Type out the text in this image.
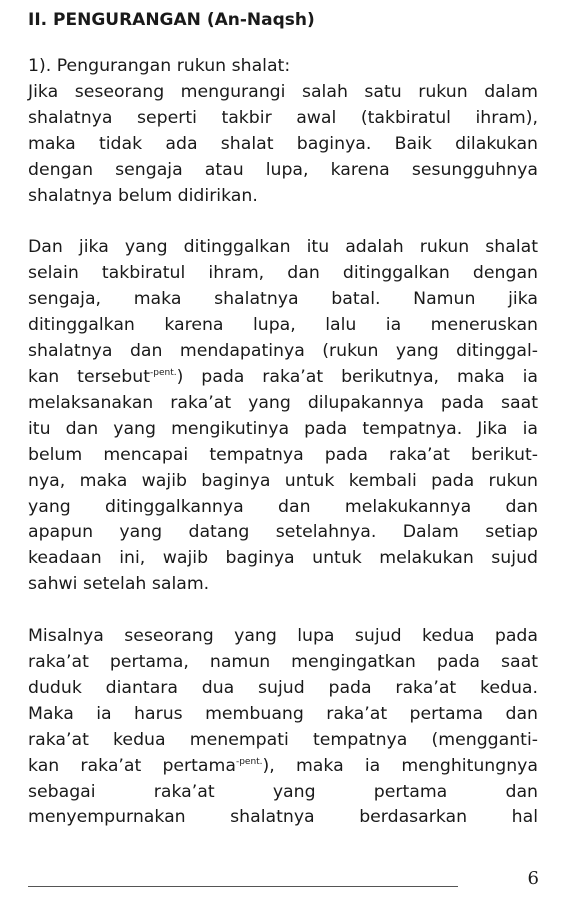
II. PENGURANGAN (An-Naqsh)
1). Pengurangan rukun shalat:
Jika seseorang mengurangi salah satu rukun dalam
shalatnya seperti takbir awal (takbiratul ihram),
maka tidak ada shalat baginya. Baik dilakukan
dengan sengaja atau lupa, karena sesungguhnya
shalatnya belum didirikan.
Dan jika yang ditinggalkan itu adalah rukun shalat
selain takbiratul ihram, dan ditinggalkan dengan
sengaja, maka shalatnya batal. Namun jika
ditinggalkan karena lupa, lalu ia meneruskan
shalatnya dan mendapatinya (rukun yang ditinggal-
kan tersebut$^{-pent.}$) pada raka’at berikutnya, maka ia
melaksanakan raka’at yang dilupakannya pada saat
itu dan yang mengikutinya pada tempatnya. Jika ia
belum mencapai tempatnya pada raka’at berikut-
nya, maka wajib baginya untuk kembali pada rukun
yang ditinggalkannya dan melakukannya dan
apapun yang datang setelahnya. Dalam setiap
keadaan ini, wajib baginya untuk melakukan sujud
sahwi setelah salam.
Misalnya seseorang yang lupa sujud kedua pada
raka’at pertama, namun mengingatkan pada saat
duduk diantara dua sujud pada raka’at kedua.
Maka ia harus membuang raka’at pertama dan
raka’at kedua menempati tempatnya (mengganti-
kan raka’at pertama$^{-pent.}$), maka ia menghitungnya
sebagai raka’at yang pertama dan
menyempurnakan shalatnya berdasarkan hal
6
